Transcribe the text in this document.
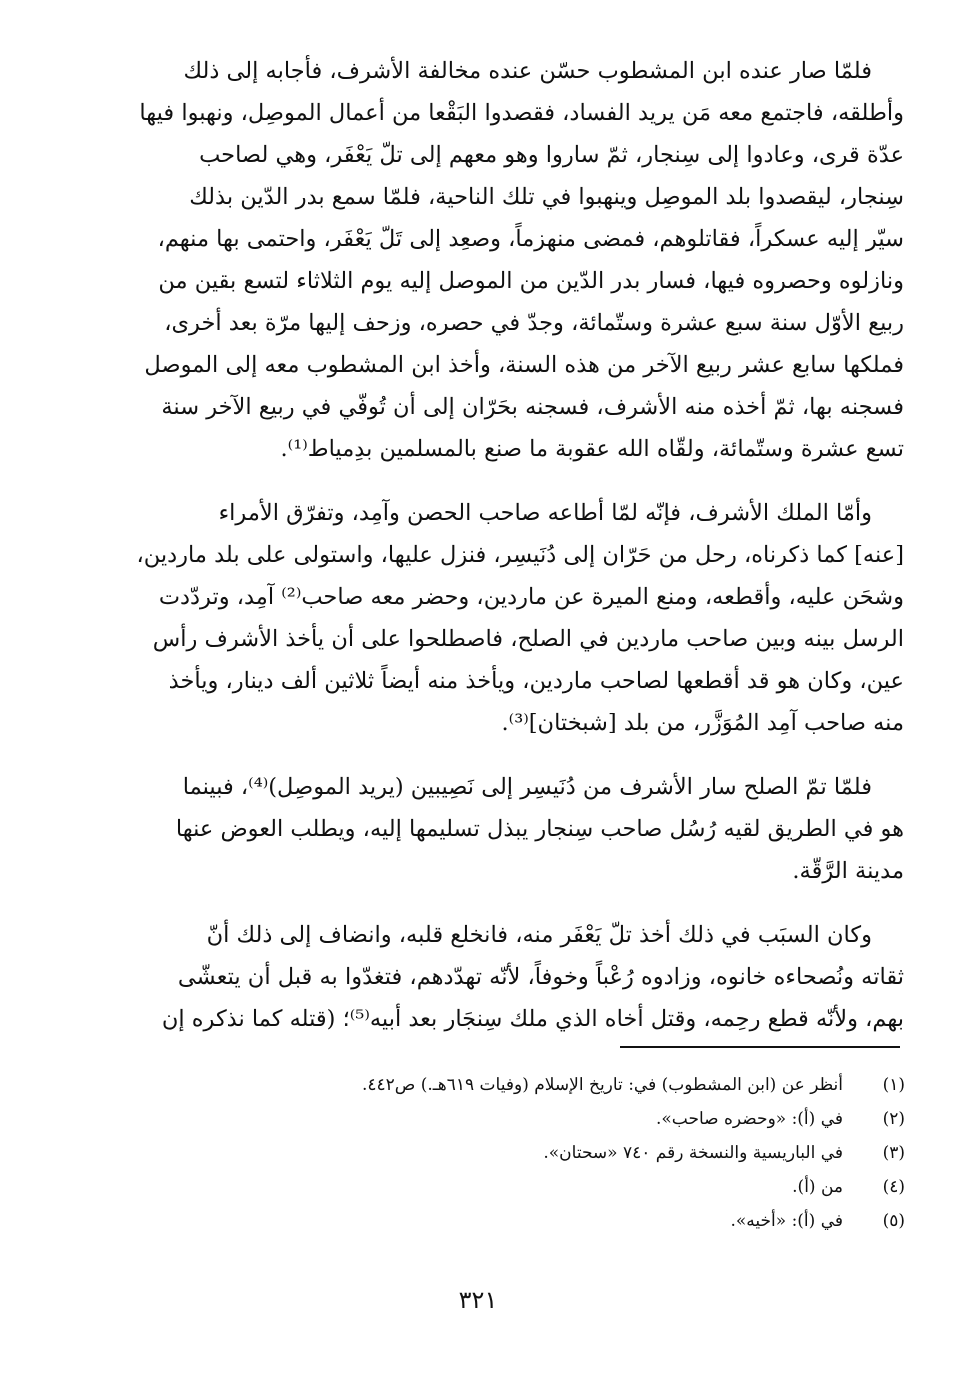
فلمّا صار عنده ابن المشطوب حسّن عنده مخالفة الأشرف، فأجابه إلى ذلك
وأطلقه، فاجتمع معه مَن يريد الفساد، فقصدوا البَقْعا من أعمال الموصِل، ونهبوا فيها
عدّة قرى، وعادوا إلى سِنجار، ثمّ ساروا وهو معهم إلى تلّ يَعْفَر، وهي لصاحب
سِنجار، ليقصدوا بلد الموصِل وينهبوا في تلك الناحية، فلمّا سمع بدر الدّين بذلك
سيّر إليه عسكراً، فقاتلوهم، فمضى منهزماً، وصعِد إلى تَلّ يَعْفَر، واحتمى بها منهم،
ونازلوه وحصروه فيها، فسار بدر الدّين من الموصل إليه يوم الثلاثاء لتسع بقين من
ربيع الأوّل سنة سبع عشرة وستّمائة، وجدّ في حصره، وزحف إليها مرّة بعد أخرى،
فملكها سابع عشر ربيع الآخر من هذه السنة، وأخذ ابن المشطوب معه إلى الموصل
فسجنه بها، ثمّ أخذه منه الأشرف، فسجنه بحَرّان إلى أن تُوفّي في ربيع الآخر سنة
تسع عشرة وستّمائة، ولقّاه الله عقوبة ما صنع بالمسلمين بدِمياط⁽¹⁾.
وأمّا الملك الأشرف، فإنّه لمّا أطاعه صاحب الحصن وآمِد، وتفرّق الأمراء
[عنه] كما ذكرناه، رحل من حَرّان إلى دُنَيسِر، فنزل عليها، واستولى على بلد ماردين،
وشحَن عليه، وأقطعه، ومنع الميرة عن ماردين، وحضر معه صاحب⁽²⁾ آمِد، وتردّدت
الرسل بينه وبين صاحب ماردين في الصلح، فاصطلحوا على أن يأخذ الأشرف رأس
عين، وكان هو قد أقطعها لصاحب ماردين، ويأخذ منه أيضاً ثلاثين ألف دينار، ويأخذ
منه صاحب آمِد المُوَزَّر، من بلد [شبختان]⁽³⁾.
فلمّا تمّ الصلح سار الأشرف من دُنَيسِر إلى نَصِيبين (يريد الموصِل)⁽⁴⁾، فبينما
هو في الطريق لقيه رُسُل صاحب سِنجار يبذل تسليمها إليه، ويطلب العوض عنها
مدينة الرَّقّة.
وكان السبَب في ذلك أخذ تلّ يَعْفَر منه، فانخلع قلبه، وانضاف إلى ذلك أنّ
ثقاته ونُصحاءه خانوه، وزادوه رُعْباً وخوفاً، لأنّه تهدّدهم، فتغدّوا به قبل أن يتعشّى
بهم، ولأنّه قطع رحِمه، وقتل أخاه الذي ملك سِنجَار بعد أبيه⁽⁵⁾؛ (قتله كما نذكره إن
(١)
أنظر عن (ابن المشطوب) في: تاريخ الإسلام (وفيات ٦١٩هـ.) ص٤٤٢.
(٢)
في (أ): «وحضره صاحب».
(٣)
في الباريسية والنسخة رقم ٧٤٠ «سحتان».
(٤)
من (أ).
(٥)
في (أ): «أخيه».
٣٢١
